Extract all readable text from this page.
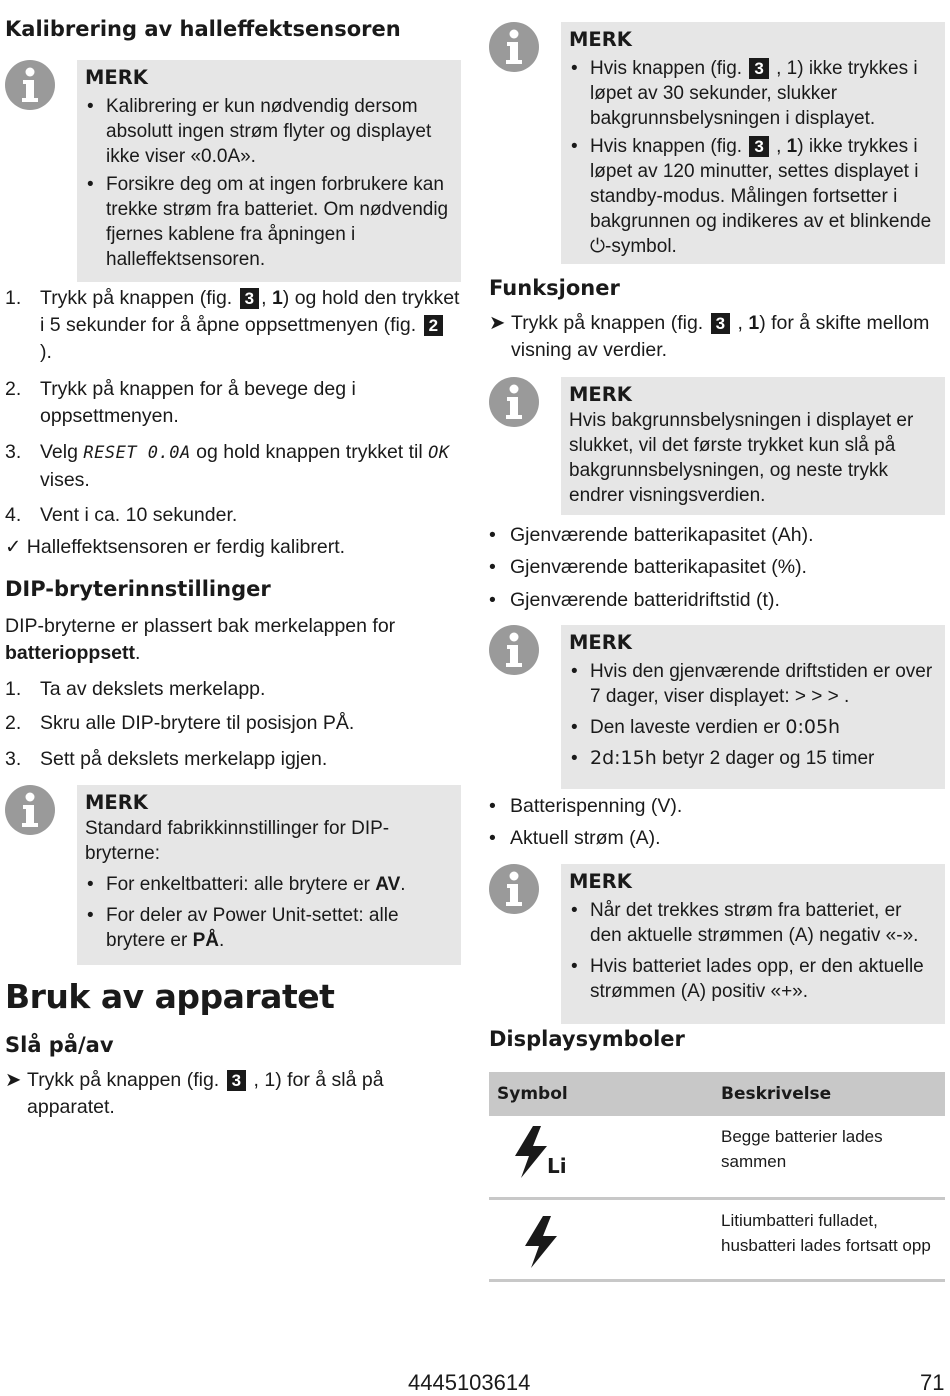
Kalibrering av halleffektsensoren
MERK
• Kalibrering er kun nødvendig dersom absolutt ingen strøm flyter og displayet ikke viser «0.0A».
• Forsikre deg om at ingen forbrukere kan trekke strøm fra batteriet. Om nødvendig fjernes kablene fra åpningen i halleffektsensoren.
1. Trykk på knappen (fig. 3 , 1) og hold den trykket i 5 sekunder for å åpne oppsettmenyen (fig. 2 ).
2. Trykk på knappen for å bevege deg i oppsettmenyen.
3. Velg RESET 0.0A og hold knappen trykket til OK vises.
4. Vent i ca. 10 sekunder.
✓ Halleffektsensoren er ferdig kalibrert.
DIP-bryterinnstillinger
DIP-bryterne er plassert bak merkelappen for batterioppsett.
1. Ta av dekslets merkelapp.
2. Skru alle DIP-brytere til posisjon PÅ.
3. Sett på dekslets merkelapp igjen.
MERK
Standard fabrikkinnstillinger for DIP-bryterne:
• For enkeltbatteri: alle brytere er AV.
• For deler av Power Unit-settet: alle brytere er PÅ.
Bruk av apparatet
Slå på/av
➤ Trykk på knappen (fig. 3 , 1) for å slå på apparatet.
MERK
• Hvis knappen (fig. 3 , 1) ikke trykkes i løpet av 30 sekunder, slukker bakgrunnsbelysningen i displayet.
• Hvis knappen (fig. 3 , 1) ikke trykkes i løpet av 120 minutter, settes displayet i standby-modus. Målingen fortsetter i bakgrunnen og indikeres av et blinkende ⏻-symbol.
Funksjoner
➤ Trykk på knappen (fig. 3 , 1) for å skifte mellom visning av verdier.
MERK
Hvis bakgrunnsbelysningen i displayet er slukket, vil det første trykket kun slå på bakgrunnsbelysningen, og neste trykk endrer visningsverdien.
• Gjenværende batterikapasitet (Ah).
• Gjenværende batterikapasitet (%).
• Gjenværende batteridriftstid (t).
MERK
• Hvis den gjenværende driftstiden er over 7 dager, viser displayet: > > > .
• Den laveste verdien er 0:05h
• 2d:15h betyr 2 dager og 15 timer
• Batterispenning (V).
• Aktuell strøm (A).
MERK
• Når det trekkes strøm fra batteriet, er den aktuelle strømmen (A) negativ «-».
• Hvis batteriet lades opp, er den aktuelle strømmen (A) positiv «+».
Displaysymboler
Symbol	Beskrivelse

Li	Begge batterier lades sammen

	Litiumbatteri fulladet, husbatteri lades fortsatt opp
4445103614	71
